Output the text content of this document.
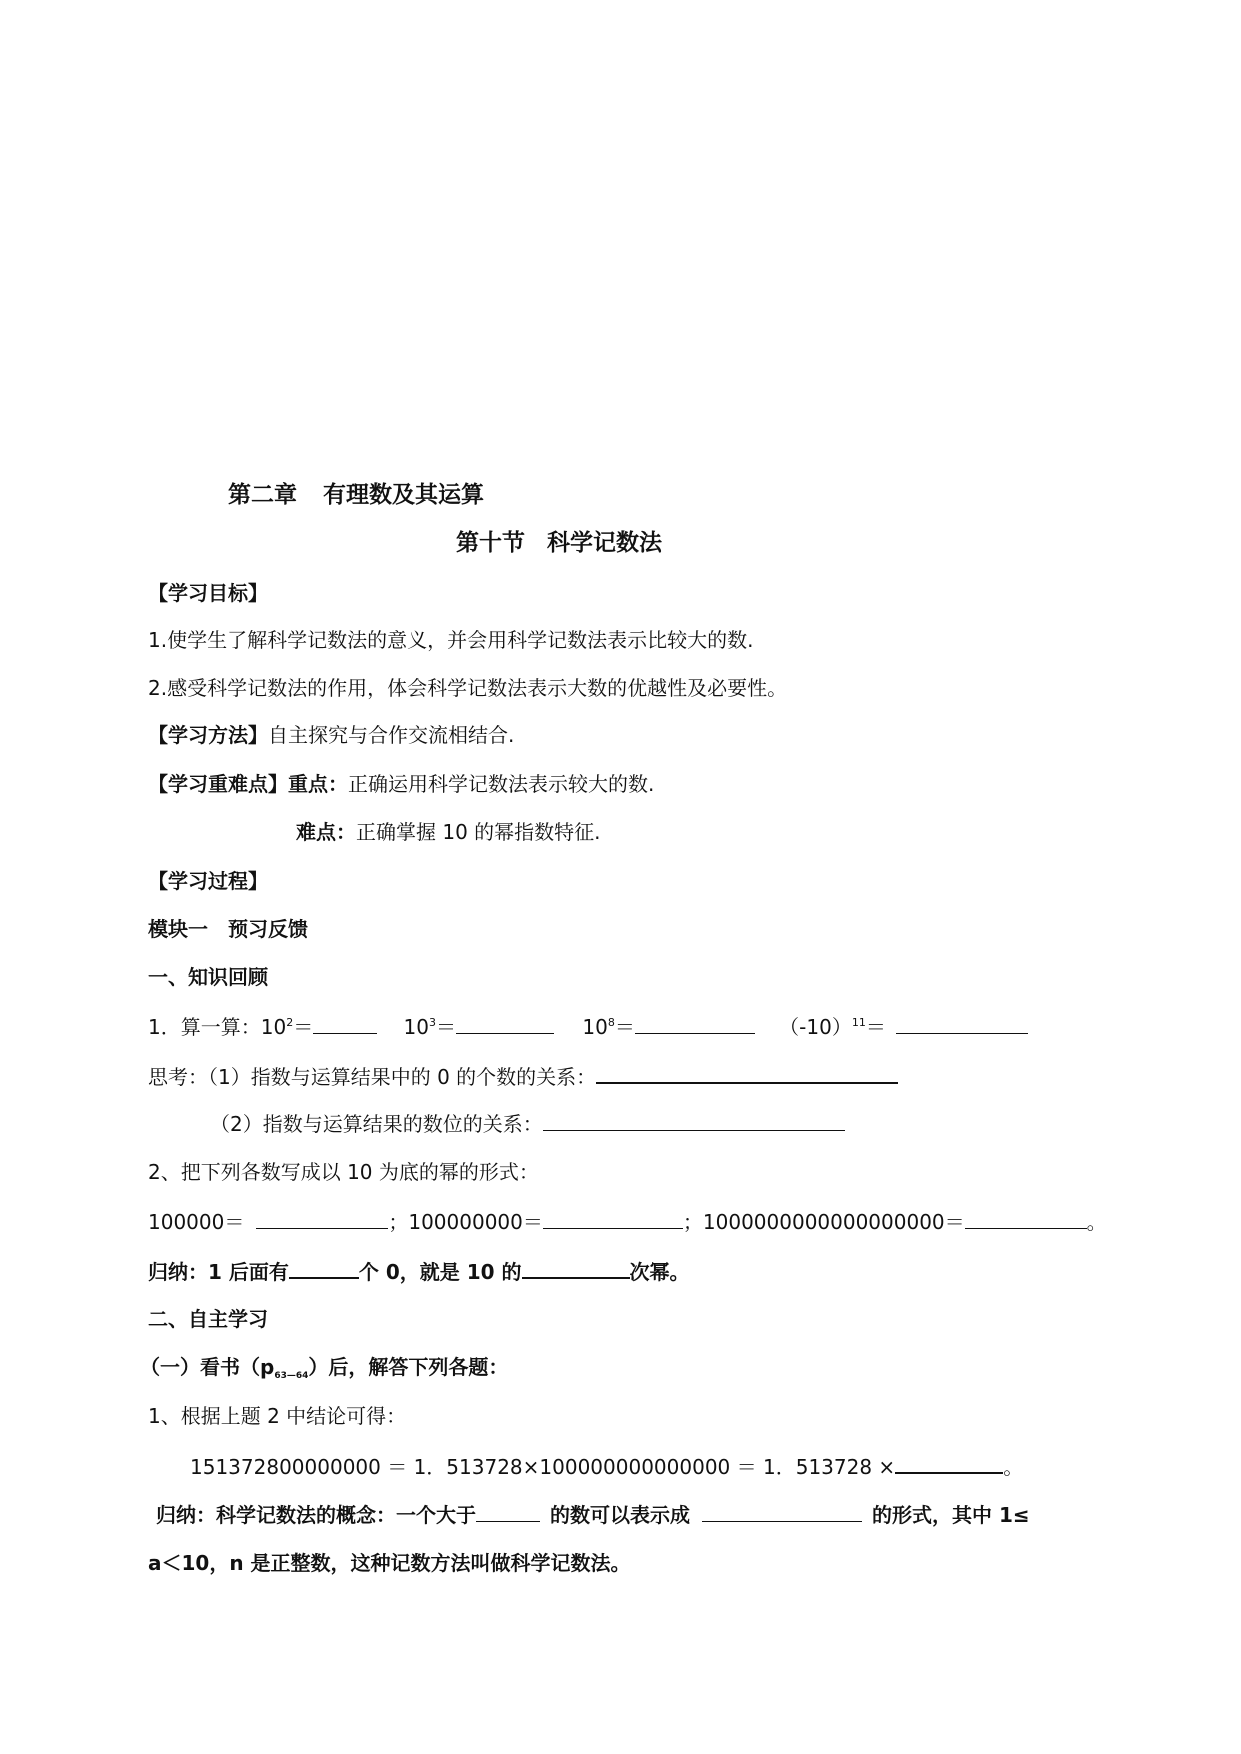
第二章 有理数及其运算
第十节 科学记数法
【学习目标】
1.使学生了解科学记数法的意义，并会用科学记数法表示比较大的数.
2.感受科学记数法的作用，体会科学记数法表示大数的优越性及必要性。
【学习方法】自主探究与合作交流相结合.
【学习重难点】重点：正确运用科学记数法表示较大的数.
难点：正确掌握 10 的幂指数特征.
【学习过程】
模块一　预习反馈
一、知识回顾
1．算一算：$10^2=$	$10^3=$	$10^8=$	$(-10)^{11}=$
思考：（1）指数与运算结果中的 0 的个数的关系：
（2）指数与运算结果的数位的关系：
2、把下列各数写成以 10 为底的幂的形式：
100000＝	；100000000＝	；1000000000000000000＝	。
归纳：1 后面有	个 0，就是 10 的	次幂。
二、自主学习
（一）看书$(p_{63—64})$后，解答下列各题：
1、根据上题 2 中结论可得：
151372800000000 ＝ 1．513728×100000000000000 ＝ 1．513728 ×	。
归纳：科学记数法的概念：一个大于	的数可以表示成	的形式，其中 1≤
a＜10，n 是正整数，这种记数方法叫做科学记数法。
